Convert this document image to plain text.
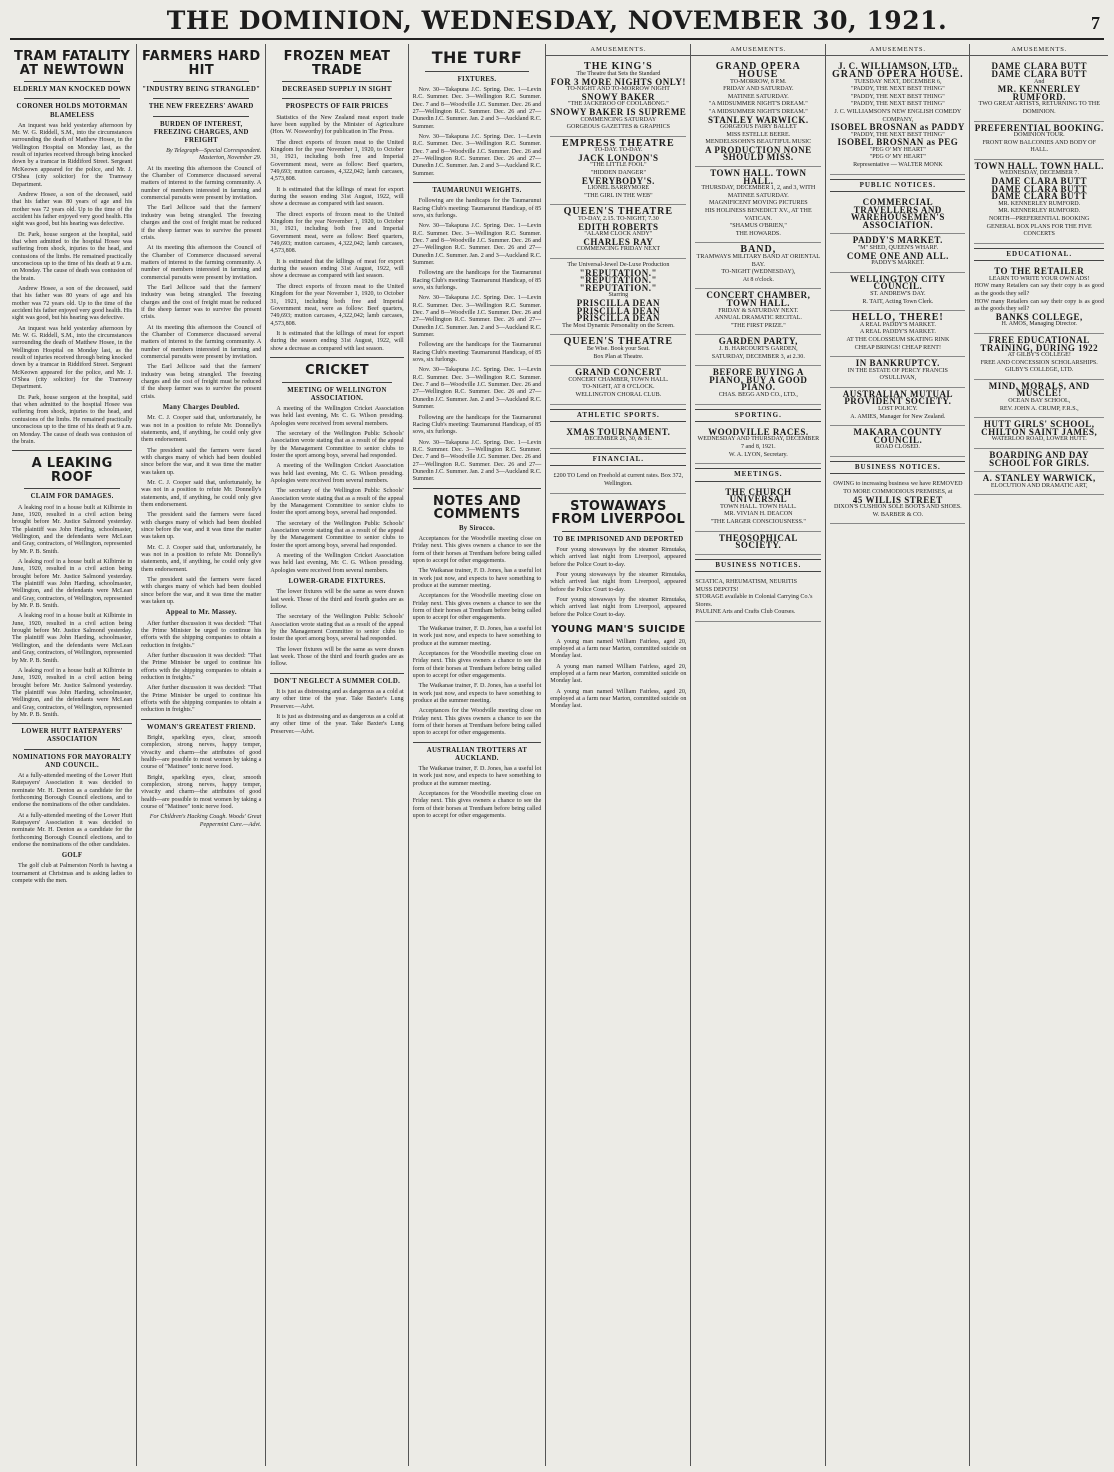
THE DOMINION, WEDNESDAY, NOVEMBER 30, 1921.	7
TRAM FATALITY AT NEWTOWN
ELDERLY MAN KNOCKED DOWN
CORONER HOLDS MOTORMAN BLAMELESS

An inquest was held yesterday afternoon by Mr. W. G. Riddell, S.M., into the circumstances surrounding the death of Matthew Hosee, in the Wellington Hospital on Monday last, as the result of injuries received through being knocked down by a tramcar in Riddiford Street. Sergeant McKeown appeared for the police, and Mr. J. O'Shea (city solicitor) for the Tramway Department.

Andrew Hosee, a son of the deceased, said that his father was 80 years of age and his mother was 72 years old. Up to the time of the accident his father enjoyed very good health. His sight was good, but his hearing was defective.

Dr. Park, house surgeon at the hospital, said that when admitted to the hospital Hosee was suffering from shock, injuries to the head, and contusions of the limbs. He remained practically unconscious up to the time of his death at 9 a.m. on Monday. The cause of death was contusion of the brain.

Andrew Hosee, a son of the deceased, said that his father was 80 years of age and his mother was 72 years old. Up to the time of the accident his father enjoyed very good health. His sight was good, but his hearing was defective.

An inquest was held yesterday afternoon by Mr. W. G. Riddell, S.M., into the circumstances surrounding the death of Matthew Hosee, in the Wellington Hospital on Monday last, as the result of injuries received through being knocked down by a tramcar in Riddiford Street. Sergeant McKeown appeared for the police, and Mr. J. O'Shea (city solicitor) for the Tramway Department.

Dr. Park, house surgeon at the hospital, said that when admitted to the hospital Hosee was suffering from shock, injuries to the head, and contusions of the limbs. He remained practically unconscious up to the time of his death at 9 a.m. on Monday. The cause of death was contusion of the brain.

A LEAKING ROOF
CLAIM FOR DAMAGES.

A leaking roof in a house built at Kilbirnie in June, 1920, resulted in a civil action being brought before Mr. Justice Salmond yesterday. The plaintiff was John Harding, schoolmaster, Wellington, and the defendants were McLean and Gray, contractors, of Wellington, represented by Mr. P. B. Smith.

A leaking roof in a house built at Kilbirnie in June, 1920, resulted in a civil action being brought before Mr. Justice Salmond yesterday. The plaintiff was John Harding, schoolmaster, Wellington, and the defendants were McLean and Gray, contractors, of Wellington, represented by Mr. P. B. Smith.

A leaking roof in a house built at Kilbirnie in June, 1920, resulted in a civil action being brought before Mr. Justice Salmond yesterday. The plaintiff was John Harding, schoolmaster, Wellington, and the defendants were McLean and Gray, contractors, of Wellington, represented by Mr. P. B. Smith.

A leaking roof in a house built at Kilbirnie in June, 1920, resulted in a civil action being brought before Mr. Justice Salmond yesterday. The plaintiff was John Harding, schoolmaster, Wellington, and the defendants were McLean and Gray, contractors, of Wellington, represented by Mr. P. B. Smith.

LOWER HUTT RATEPAYERS' ASSOCIATION
NOMINATIONS FOR MAYORALTY AND COUNCIL.

At a fully-attended meeting of the Lower Hutt Ratepayers' Association it was decided to nominate Mr. H. Denton as a candidate for the forthcoming Borough Council elections, and to endorse the nominations of the other candidates.

At a fully-attended meeting of the Lower Hutt Ratepayers' Association it was decided to nominate Mr. H. Denton as a candidate for the forthcoming Borough Council elections, and to endorse the nominations of the other candidates.

GOLF

The golf club at Palmerston North is having a tournament at Christmas and is asking ladies to compete with the men.

FARMERS HARD HIT
"INDUSTRY BEING STRANGLED"
THE NEW FREEZERS' AWARD
BURDEN OF INTEREST, FREEZING CHARGES, AND FREIGHT

By Telegraph—Special Correspondent. Masterton, November 29.

At its meeting this afternoon the Council of the Chamber of Commerce discussed several matters of interest to the farming community. A number of members interested in farming and commercial pursuits were present by invitation.

The Earl Jellicoe said that the farmers' industry was being strangled. The freezing charges and the cost of freight must be reduced if the sheep farmer was to survive the present crisis.

At its meeting this afternoon the Council of the Chamber of Commerce discussed several matters of interest to the farming community. A number of members interested in farming and commercial pursuits were present by invitation.

The Earl Jellicoe said that the farmers' industry was being strangled. The freezing charges and the cost of freight must be reduced if the sheep farmer was to survive the present crisis.

At its meeting this afternoon the Council of the Chamber of Commerce discussed several matters of interest to the farming community. A number of members interested in farming and commercial pursuits were present by invitation.

The Earl Jellicoe said that the farmers' industry was being strangled. The freezing charges and the cost of freight must be reduced if the sheep farmer was to survive the present crisis.

Many Charges Doubled.

Mr. C. J. Cooper said that, unfortunately, he was not in a position to refute Mr. Donnelly's statements, and, if anything, he could only give them endorsement.

The president said the farmers were faced with charges many of which had been doubled since before the war, and it was time the matter was taken up.

Mr. C. J. Cooper said that, unfortunately, he was not in a position to refute Mr. Donnelly's statements, and, if anything, he could only give them endorsement.

The president said the farmers were faced with charges many of which had been doubled since before the war, and it was time the matter was taken up.

Mr. C. J. Cooper said that, unfortunately, he was not in a position to refute Mr. Donnelly's statements, and, if anything, he could only give them endorsement.

The president said the farmers were faced with charges many of which had been doubled since before the war, and it was time the matter was taken up.

Appeal to Mr. Massey.

After further discussion it was decided: "That the Prime Minister be urged to continue his efforts with the shipping companies to obtain a reduction in freights."

After further discussion it was decided: "That the Prime Minister be urged to continue his efforts with the shipping companies to obtain a reduction in freights."

After further discussion it was decided: "That the Prime Minister be urged to continue his efforts with the shipping companies to obtain a reduction in freights."

WOMAN'S GREATEST FRIEND.

Bright, sparkling eyes, clear, smooth complexion, strong nerves, happy temper, vivacity and charm—the attributes of good health—are possible to most women by taking a course of "Matinee" tonic nerve food.

Bright, sparkling eyes, clear, smooth complexion, strong nerves, happy temper, vivacity and charm—the attributes of good health—are possible to most women by taking a course of "Matinee" tonic nerve food.

For Children's Hacking Cough. Woods' Great Peppermint Cure.—Advt.

FROZEN MEAT TRADE
DECREASED SUPPLY IN SIGHT
PROSPECTS OF FAIR PRICES

Statistics of the New Zealand meat export trade have been supplied by the Minister of Agriculture (Hon. W. Nosworthy) for publication in The Press.

The direct exports of frozen meat to the United Kingdom for the year November 1, 1920, to October 31, 1921, including both free and Imperial Government meat, were as follow: Beef quarters, 749,693; mutton carcases, 4,322,042; lamb carcases, 4,573,808.

It is estimated that the killings of meat for export during the season ending 31st August, 1922, will show a decrease as compared with last season.

The direct exports of frozen meat to the United Kingdom for the year November 1, 1920, to October 31, 1921, including both free and Imperial Government meat, were as follow: Beef quarters, 749,693; mutton carcases, 4,322,042; lamb carcases, 4,573,808.

It is estimated that the killings of meat for export during the season ending 31st August, 1922, will show a decrease as compared with last season.

The direct exports of frozen meat to the United Kingdom for the year November 1, 1920, to October 31, 1921, including both free and Imperial Government meat, were as follow: Beef quarters, 749,693; mutton carcases, 4,322,042; lamb carcases, 4,573,808.

It is estimated that the killings of meat for export during the season ending 31st August, 1922, will show a decrease as compared with last season.

CRICKET
MEETING OF WELLINGTON ASSOCIATION.

A meeting of the Wellington Cricket Association was held last evening, Mr. C. G. Wilson presiding. Apologies were received from several members.

The secretary of the Wellington Public Schools' Association wrote stating that as a result of the appeal by the Management Committee to senior clubs to foster the sport among boys, several had responded.

A meeting of the Wellington Cricket Association was held last evening, Mr. C. G. Wilson presiding. Apologies were received from several members.

The secretary of the Wellington Public Schools' Association wrote stating that as a result of the appeal by the Management Committee to senior clubs to foster the sport among boys, several had responded.

The secretary of the Wellington Public Schools' Association wrote stating that as a result of the appeal by the Management Committee to senior clubs to foster the sport among boys, several had responded.

A meeting of the Wellington Cricket Association was held last evening, Mr. C. G. Wilson presiding. Apologies were received from several members.

LOWER-GRADE FIXTURES.

The lower fixtures will be the same as were drawn last week. Those of the third and fourth grades are as follow.

The secretary of the Wellington Public Schools' Association wrote stating that as a result of the appeal by the Management Committee to senior clubs to foster the sport among boys, several had responded.

The lower fixtures will be the same as were drawn last week. Those of the third and fourth grades are as follow.

DON'T NEGLECT A SUMMER COLD.

It is just as distressing and as dangerous as a cold at any other time of the year. Take Baxter's Lung Preserver.—Advt.

It is just as distressing and as dangerous as a cold at any other time of the year. Take Baxter's Lung Preserver.—Advt.

THE TURF
FIXTURES.

Nov. 30—Takapuna J.C. Spring. Dec. 1—Levin R.C. Summer. Dec. 3—Wellington R.C. Summer. Dec. 7 and 8—Woodville J.C. Summer. Dec. 26 and 27—Wellington R.C. Summer. Dec. 26 and 27—Dunedin J.C. Summer. Jan. 2 and 3—Auckland R.C. Summer.

Nov. 30—Takapuna J.C. Spring. Dec. 1—Levin R.C. Summer. Dec. 3—Wellington R.C. Summer. Dec. 7 and 8—Woodville J.C. Summer. Dec. 26 and 27—Wellington R.C. Summer. Dec. 26 and 27—Dunedin J.C. Summer. Jan. 2 and 3—Auckland R.C. Summer.

TAUMARUNUI WEIGHTS.

Following are the handicaps for the Taumarunui Racing Club's meeting: Taumarunui Handicap, of 85 sovs, six furlongs.

Nov. 30—Takapuna J.C. Spring. Dec. 1—Levin R.C. Summer. Dec. 3—Wellington R.C. Summer. Dec. 7 and 8—Woodville J.C. Summer. Dec. 26 and 27—Wellington R.C. Summer. Dec. 26 and 27—Dunedin J.C. Summer. Jan. 2 and 3—Auckland R.C. Summer.

Following are the handicaps for the Taumarunui Racing Club's meeting: Taumarunui Handicap, of 85 sovs, six furlongs.

Nov. 30—Takapuna J.C. Spring. Dec. 1—Levin R.C. Summer. Dec. 3—Wellington R.C. Summer. Dec. 7 and 8—Woodville J.C. Summer. Dec. 26 and 27—Wellington R.C. Summer. Dec. 26 and 27—Dunedin J.C. Summer. Jan. 2 and 3—Auckland R.C. Summer.

Following are the handicaps for the Taumarunui Racing Club's meeting: Taumarunui Handicap, of 85 sovs, six furlongs.

Nov. 30—Takapuna J.C. Spring. Dec. 1—Levin R.C. Summer. Dec. 3—Wellington R.C. Summer. Dec. 7 and 8—Woodville J.C. Summer. Dec. 26 and 27—Wellington R.C. Summer. Dec. 26 and 27—Dunedin J.C. Summer. Jan. 2 and 3—Auckland R.C. Summer.

Following are the handicaps for the Taumarunui Racing Club's meeting: Taumarunui Handicap, of 85 sovs, six furlongs.

Nov. 30—Takapuna J.C. Spring. Dec. 1—Levin R.C. Summer. Dec. 3—Wellington R.C. Summer. Dec. 7 and 8—Woodville J.C. Summer. Dec. 26 and 27—Wellington R.C. Summer. Dec. 26 and 27—Dunedin J.C. Summer. Jan. 2 and 3—Auckland R.C. Summer.

NOTES AND COMMENTS
By Sirocco.

Acceptances for the Woodville meeting close on Friday next. This gives owners a chance to see the form of their horses at Trentham before being called upon to accept for other engagements.

The Waikanae trainer, F. D. Jones, has a useful lot in work just now, and expects to have something to produce at the summer meeting.

Acceptances for the Woodville meeting close on Friday next. This gives owners a chance to see the form of their horses at Trentham before being called upon to accept for other engagements.

The Waikanae trainer, F. D. Jones, has a useful lot in work just now, and expects to have something to produce at the summer meeting.

Acceptances for the Woodville meeting close on Friday next. This gives owners a chance to see the form of their horses at Trentham before being called upon to accept for other engagements.

The Waikanae trainer, F. D. Jones, has a useful lot in work just now, and expects to have something to produce at the summer meeting.

Acceptances for the Woodville meeting close on Friday next. This gives owners a chance to see the form of their horses at Trentham before being called upon to accept for other engagements.

AUSTRALIAN TROTTERS AT AUCKLAND.

The Waikanae trainer, F. D. Jones, has a useful lot in work just now, and expects to have something to produce at the summer meeting.

Acceptances for the Woodville meeting close on Friday next. This gives owners a chance to see the form of their horses at Trentham before being called upon to accept for other engagements.

AMUSEMENTS.
THE KING'S
The Theatre that Sets the Standard
FOR 3 MORE NIGHTS ONLY!
TO-NIGHT AND TO-MORROW NIGHT
SNOWY BAKER
"THE JACKEROO OF COOLABONG."
SNOWY BAKER IS SUPREME
COMMENCING SATURDAY
GORGEOUS GAZETTES & GRAPHICS
EMPRESS THEATRE
TO-DAY. TO-DAY.
JACK LONDON'S
"THE LITTLE FOOL"
"HIDDEN DANGER"
EVERYBODY'S.
LIONEL BARRYMORE
"THE GIRL IN THE WEB"
QUEEN'S THEATRE
TO-DAY, 2.15. TO-NIGHT, 7.30
EDITH ROBERTS
"ALARM CLOCK ANDY"
CHARLES RAY
COMMENCING FRIDAY NEXT
The Universal-Jewel De-Luxe Production
"REPUTATION."
"REPUTATION."
"REPUTATION."
Starring
PRISCILLA DEAN
PRISCILLA DEAN
PRISCILLA DEAN
The Most Dynamic Personality on the Screen.
QUEEN'S THEATRE
Be Wise. Book your Seat.
Box Plan at Theatre.
GRAND CONCERT
CONCERT CHAMBER, TOWN HALL.
TO-NIGHT, AT 8 O'CLOCK.
WELLINGTON CHORAL CLUB.
ATHLETIC SPORTS.
XMAS TOURNAMENT.
DECEMBER 26, 30, & 31.
FINANCIAL.
£200 TO Lend on Freehold at current rates. Box 372, Wellington.
STOWAWAYS FROM LIVERPOOL
TO BE IMPRISONED AND DEPORTED

Four young stowaways by the steamer Rimutaka, which arrived last night from Liverpool, appeared before the Police Court to-day.

Four young stowaways by the steamer Rimutaka, which arrived last night from Liverpool, appeared before the Police Court to-day.

Four young stowaways by the steamer Rimutaka, which arrived last night from Liverpool, appeared before the Police Court to-day.

YOUNG MAN'S SUICIDE

A young man named William Fairless, aged 20, employed at a farm near Marton, committed suicide on Monday last.

A young man named William Fairless, aged 20, employed at a farm near Marton, committed suicide on Monday last.

A young man named William Fairless, aged 20, employed at a farm near Marton, committed suicide on Monday last.

AMUSEMENTS.
GRAND OPERA HOUSE
TO-MORROW, 8 P.M.
FRIDAY AND SATURDAY.
MATINEE SATURDAY.
"A MIDSUMMER NIGHT'S DREAM."
"A MIDSUMMER NIGHT'S DREAM."
STANLEY WARWICK.
GORGEOUS FAIRY BALLET
MISS ESTELLE BEERE.
MENDELSSOHN'S BEAUTIFUL MUSIC
A PRODUCTION NONE SHOULD MISS.
TOWN HALL. TOWN HALL.
THURSDAY, DECEMBER 1, 2, and 3, WITH MATINEE SATURDAY.
MAGNIFICENT MOVING PICTURES
HIS HOLINESS BENEDICT XV., AT THE VATICAN.
"SHAMUS O'BRIEN,"
THE HOWARDS.
BAND,
TRAMWAYS MILITARY BAND AT ORIENTAL BAY.
TO-NIGHT (WEDNESDAY),
At 8 o'clock.
CONCERT CHAMBER, TOWN HALL.
FRIDAY & SATURDAY NEXT.
ANNUAL DRAMATIC RECITAL.
"THE FIRST PRIZE."
GARDEN PARTY,
J. B. HARCOURT'S GARDEN,
SATURDAY, DECEMBER 3, at 2.30.
BEFORE BUYING A PIANO, BUY A GOOD PIANO.
CHAS. BEGG AND CO., LTD.,
SPORTING.
WOODVILLE RACES.
WEDNESDAY AND THURSDAY, DECEMBER 7 and 8, 1921.
W. A. LYON, Secretary.
MEETINGS.
THE CHURCH UNIVERSAL
TOWN HALL. TOWN HALL.
MR. VIVIAN H. DEACON
"THE LARGER CONSCIOUSNESS."
THEOSOPHICAL SOCIETY.
BUSINESS NOTICES.
SCIATICA, RHEUMATISM, NEURITIS
MUSS DEPOTS!
STORAGE available in Colonial Carrying Co.'s Stores.
PAULINE Arts and Crafts Club Courses.
AMUSEMENTS.
J. C. WILLIAMSON, LTD.,
GRAND OPERA HOUSE.
TUESDAY NEXT, DECEMBER 6,
"PADDY, THE NEXT BEST THING"
"PADDY, THE NEXT BEST THING"
"PADDY, THE NEXT BEST THING"
J. C. WILLIAMSON'S NEW ENGLISH COMEDY COMPANY,
ISOBEL BROSNAN as PADDY
"PADDY, THE NEXT BEST THING"
ISOBEL BROSNAN as PEG
"PEG O' MY HEART"
"PEG O' MY HEART"
Representative — WALTER MONK
PUBLIC NOTICES.
COMMERCIAL TRAVELLERS AND WAREHOUSEMEN'S ASSOCIATION.
PADDY'S MARKET.
"M" SHED, QUEEN'S WHARF.
COME ONE AND ALL.
PADDY'S MARKET.
WELLINGTON CITY COUNCIL.
ST. ANDREW'S DAY.
R. TAIT, Acting Town Clerk.
HELLO, THERE!
A REAL PADDY'S MARKET.
A REAL PADDY'S MARKET.
AT THE COLOSSEUM SKATING RINK
CHEAP BRINGS! CHEAP RENT!
IN BANKRUPTCY.
IN THE ESTATE OF PERCY FRANCIS O'SULLIVAN,
AUSTRALIAN MUTUAL PROVIDENT SOCIETY.
LOST POLICY.
A. AMIES, Manager for New Zealand.
MAKARA COUNTY COUNCIL.
ROAD CLOSED.
BUSINESS NOTICES.
OWING to increasing business we have REMOVED TO MORE COMMODIOUS PREMISES, at
45 WILLIS STREET
DIXON'S CUSHION SOLE BOOTS AND SHOES.
W. BARBER & CO.
AMUSEMENTS.
DAME CLARA BUTT
DAME CLARA BUTT
And
MR. KENNERLEY RUMFORD.
TWO GREAT ARTISTS, RETURNING TO THE DOMINION.
PREFERENTIAL BOOKING.
DOMINION TOUR.
FRONT ROW BALCONIES AND BODY OF HALL.
TOWN HALL. TOWN HALL.
WEDNESDAY, DECEMBER 7.
DAME CLARA BUTT
DAME CLARA BUTT
DAME CLARA BUTT
MR. KENNERLEY RUMFORD.
MR. KENNERLEY RUMFORD.
NORTH—PREFERENTIAL BOOKING
GENERAL BOX PLANS FOR THE FIVE CONCERTS
EDUCATIONAL.
TO THE RETAILER
LEARN TO WRITE YOUR OWN ADS!
HOW many Retailers can say their copy is as good as the goods they sell?
HOW many Retailers can say their copy is as good as the goods they sell?
BANKS COLLEGE,
H. AMOS, Managing Director.
FREE EDUCATIONAL TRAINING, DURING 1922
AT GILBY'S COLLEGE!
FREE AND CONCESSION SCHOLARSHIPS.
GILBY'S COLLEGE, LTD.
MIND, MORALS, AND MUSCLE!
OCEAN BAY SCHOOL,
REV. JOHN A. CRUMP, F.R.S.,
HUTT GIRLS' SCHOOL, CHILTON SAINT JAMES,
WATERLOO ROAD, LOWER HUTT.
BOARDING AND DAY SCHOOL FOR GIRLS.
A. STANLEY WARWICK,
ELOCUTION AND DRAMATIC ART,
